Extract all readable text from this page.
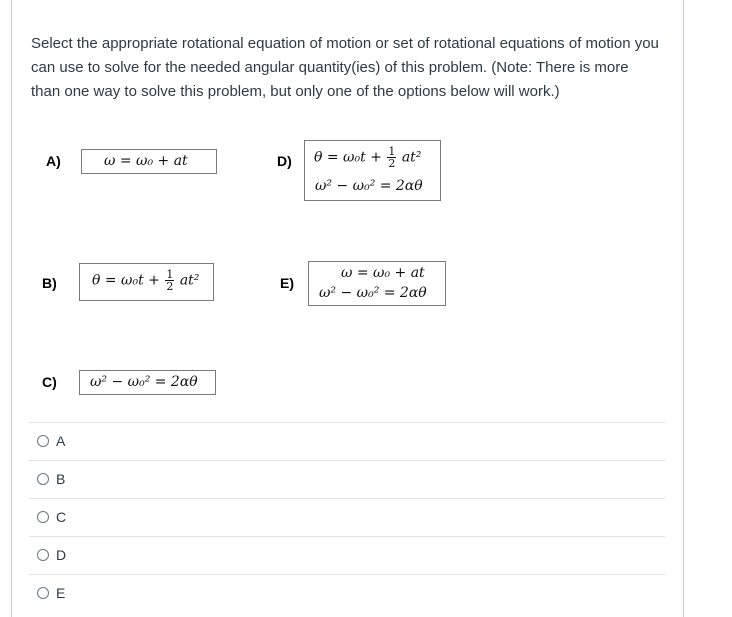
Select the appropriate rotational equation of motion or set of rotational equations of motion you can use to solve for the needed angular quantity(ies) of this problem. (Note: There is more than one way to solve this problem, but only one of the options below will work.)
A)	ω = ω₀ + at
B)	$\theta = \omega_0t + \frac{1}{2} at^2$
C) ω² − ω₀² = 2αθ
D) $\theta = \omega_0t + \frac{1}{2} at^2$
ω² − ω₀² = 2αθ
E)
ω = ω₀ + at
ω² − ω₀² = 2αθ
A
B
C
D
E
